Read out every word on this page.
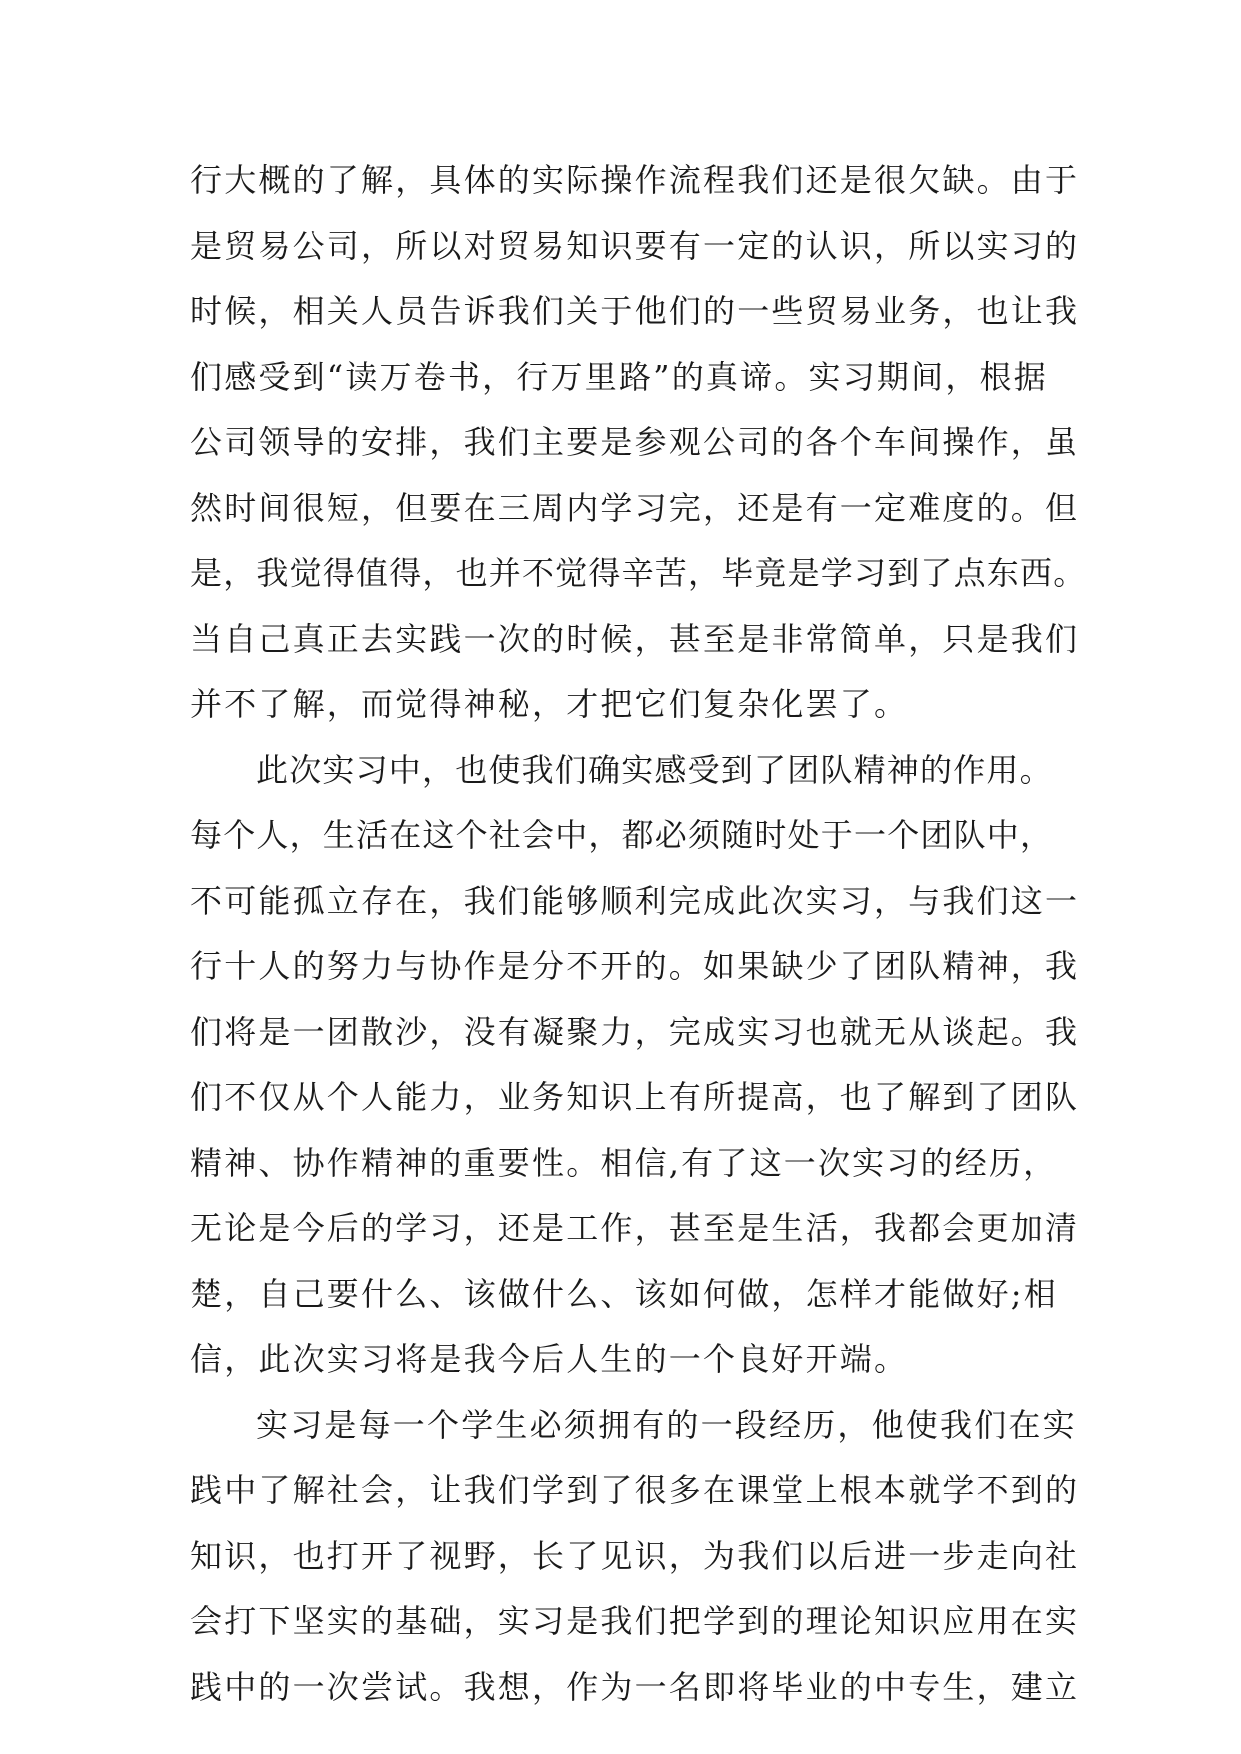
行大概的了解，具体的实际操作流程我们还是很欠缺。由于
是贸易公司，所以对贸易知识要有一定的认识，所以实习的
时候，相关人员告诉我们关于他们的一些贸易业务，也让我
们感受到“读万卷书，行万里路”的真谛。实习期间，根据
公司领导的安排，我们主要是参观公司的各个车间操作，虽
然时间很短，但要在三周内学习完，还是有一定难度的。但
是，我觉得值得，也并不觉得辛苦，毕竟是学习到了点东西。
当自己真正去实践一次的时候，甚至是非常简单，只是我们
并不了解，而觉得神秘，才把它们复杂化罢了。
此次实习中，也使我们确实感受到了团队精神的作用。
每个人，生活在这个社会中，都必须随时处于一个团队中，
不可能孤立存在，我们能够顺利完成此次实习，与我们这一
行十人的努力与协作是分不开的。如果缺少了团队精神，我
们将是一团散沙，没有凝聚力，完成实习也就无从谈起。我
们不仅从个人能力，业务知识上有所提高，也了解到了团队
精神、协作精神的重要性。相信,有了这一次实习的经历，
无论是今后的学习，还是工作，甚至是生活，我都会更加清
楚，自己要什么、该做什么、该如何做，怎样才能做好;相
信，此次实习将是我今后人生的一个良好开端。
实习是每一个学生必须拥有的一段经历，他使我们在实
践中了解社会，让我们学到了很多在课堂上根本就学不到的
知识，也打开了视野，长了见识，为我们以后进一步走向社
会打下坚实的基础，实习是我们把学到的理论知识应用在实
践中的一次尝试。我想，作为一名即将毕业的中专生，建立
